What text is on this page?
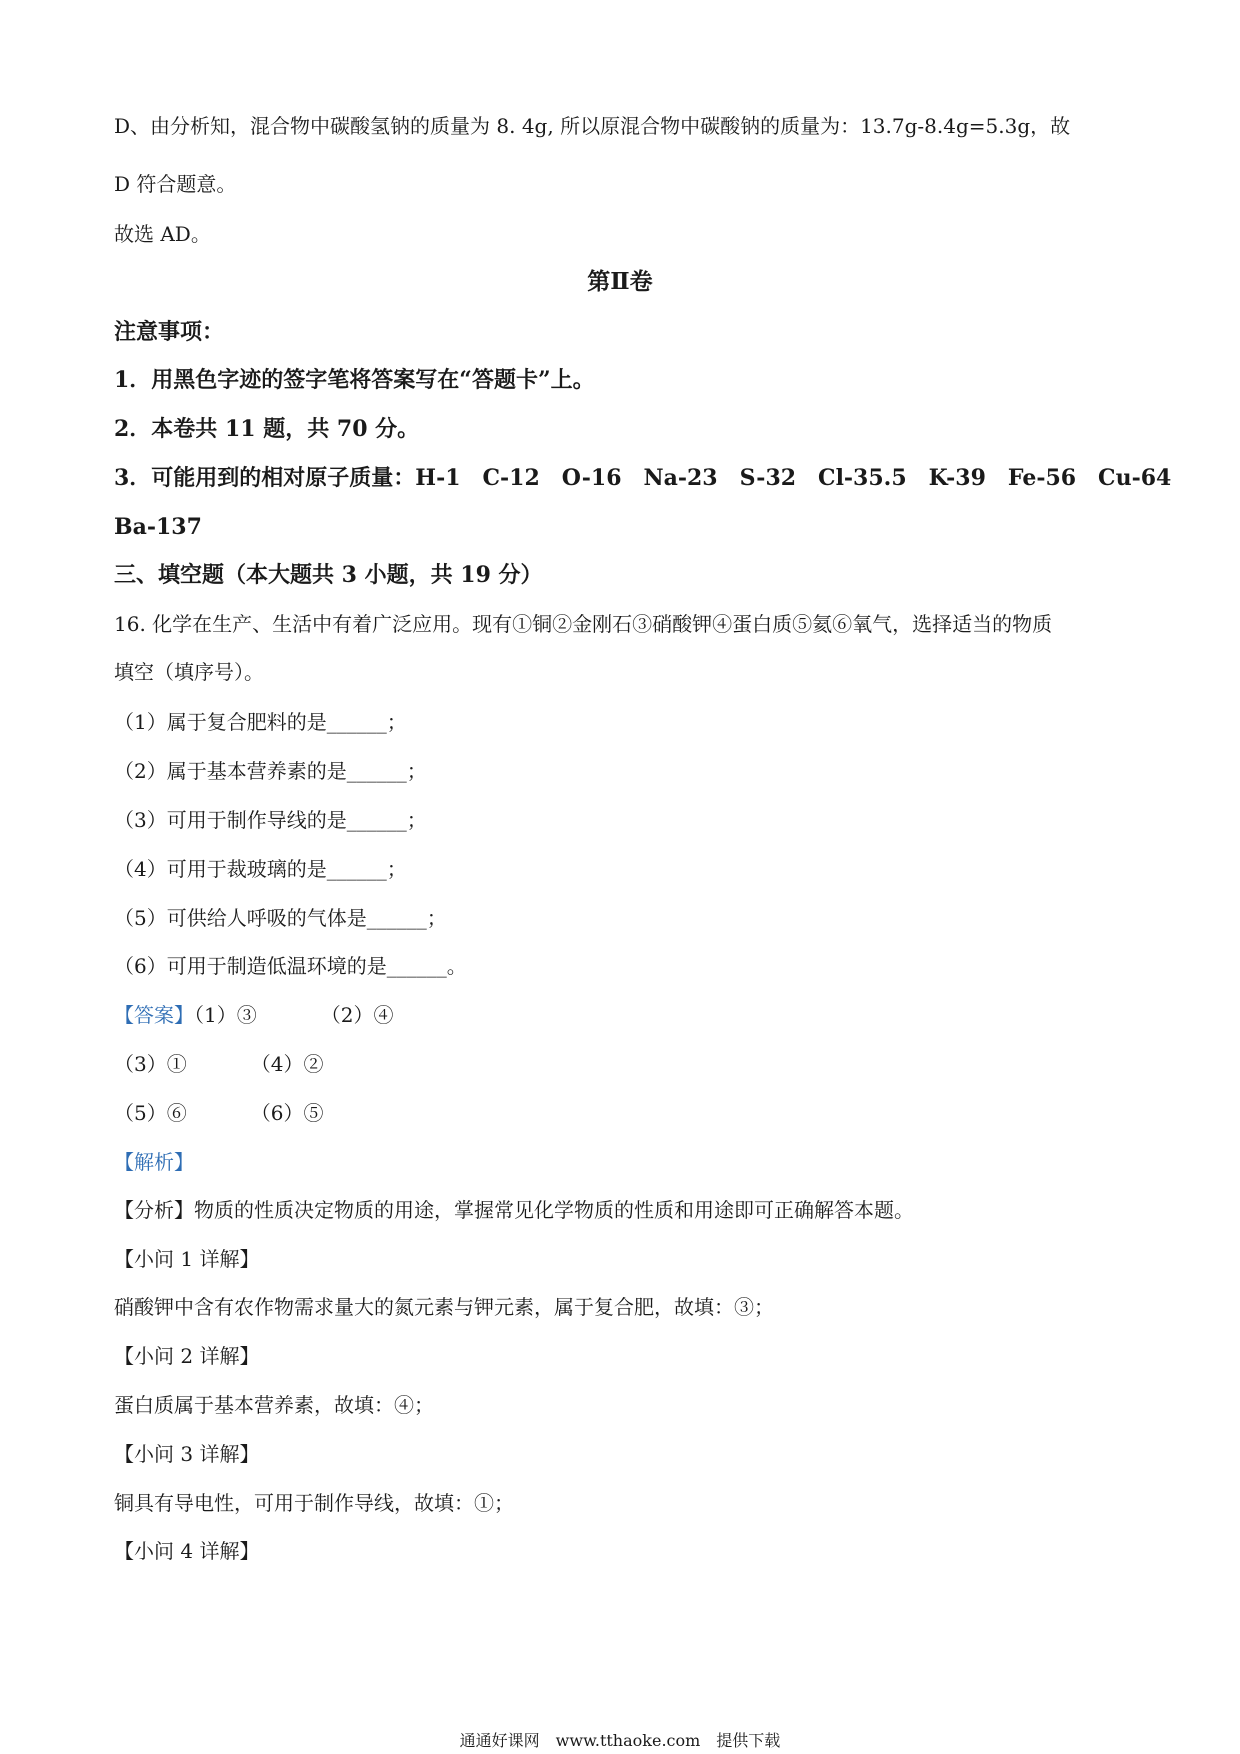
D、由分析知，混合物中碳酸氢钠的质量为 8. 4g, 所以原混合物中碳酸钠的质量为：13.7g-8.4g=5.3g，故
D 符合题意。
故选 AD。
第Ⅱ卷
注意事项：
1．用黑色字迹的签字笔将答案写在“答题卡”上。
2．本卷共 11 题，共 70 分。
3．可能用到的相对原子质量：H-1　C-12　O-16　Na-23　S-32　Cl-35.5　K-39　Fe-56　Cu-64
Ba-137
三、填空题（本大题共 3 小题，共 19 分）
16. 化学在生产、生活中有着广泛应用。现有①铜②金刚石③硝酸钾④蛋白质⑤氦⑥氧气，选择适当的物质
填空（填序号）。
（1）属于复合肥料的是______；
（2）属于基本营养素的是______；
（3）可用于制作导线的是______；
（4）可用于裁玻璃的是______；
（5）可供给人呼吸的气体是______；
（6）可用于制造低温环境的是______。
【答案】（1）③	（2）④
（3）①	（4）②
（5）⑥	（6）⑤
【解析】
【分析】物质的性质决定物质的用途，掌握常见化学物质的性质和用途即可正确解答本题。
【小问 1 详解】
硝酸钾中含有农作物需求量大的氮元素与钾元素，属于复合肥，故填：③；
【小问 2 详解】
蛋白质属于基本营养素，故填：④；
【小问 3 详解】
铜具有导电性，可用于制作导线，故填：①；
【小问 4 详解】
通通好课网　www.tthaoke.com　提供下载
